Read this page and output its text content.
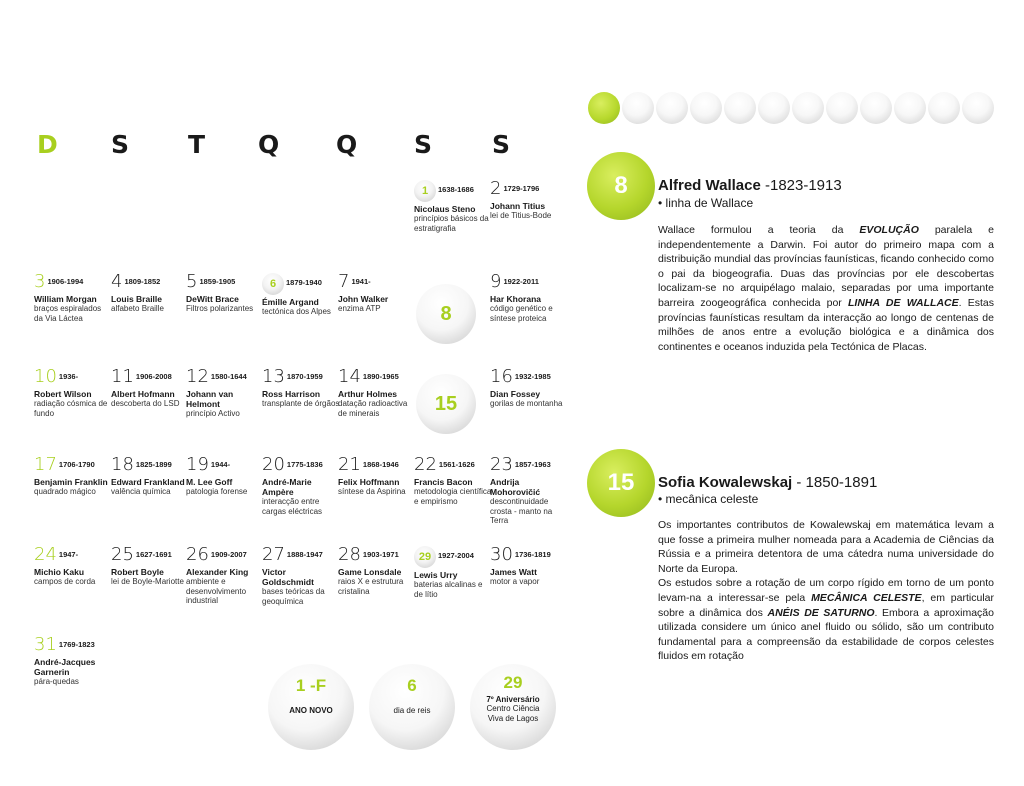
D S T Q Q S S
1 1638-1686
Nicolaus Steno
princípios básicos da estratigrafia
2 1729-1796
Johann Titius
lei de Titius-Bode
3 1906-1994
William Morgan
braços espiralados da Via Láctea
4 1809-1852
Louis Braille
alfabeto Braille
5 1859-1905
DeWitt Brace
Filtros polarizantes
6 1879-1940
Émille Argand
tectónica dos Alpes
7 1941-
John Walker
enzima ATP
9 1922-2011
Har Khorana
código genético e síntese proteica
10 1936-
Robert Wilson
radiação cósmica de fundo
11 1906-2008
Albert Hofmann
descoberta do LSD
12 1580-1644
Johann van Helmont
princípio Activo
13 1870-1959
Ross Harrison
transplante de órgãos
14 1890-1965
Arthur Holmes
datação radioactiva de minerais
16 1932-1985
Dian Fossey
gorilas de montanha
17 1706-1790
Benjamin Franklin
quadrado mágico
18 1825-1899
Edward Frankland
valência química
19 1944-
M. Lee Goff
patologia forense
20 1775-1836
André-Marie Ampère
interacção entre cargas eléctricas
21 1868-1946
Felix Hoffmann
síntese da Aspirina
22 1561-1626
Francis Bacon
metodologia científica e empirismo
23 1857-1963
Andrija Mohorovičić
descontinuidade crosta - manto na Terra
24 1947-
Michio Kaku
campos de corda
25 1627-1691
Robert Boyle
lei de Boyle-Mariotte
26 1909-2007
Alexander King
ambiente e desenvolvimento industrial
27 1888-1947
Victor Goldschmidt
bases teóricas da geoquímica
28 1903-1971
Game Lonsdale
raios X e estrutura cristalina
29 1927-2004
Lewis Urry
baterias alcalinas e de lítio
30 1736-1819
James Watt
motor a vapor
31 1769-1823
André-Jacques Garnerin
pára-quedas
8
15
1 -F
ANO NOVO
6
dia de reis
29
7º Aniversário
Centro Ciência Viva de Lagos
8	Alfred Wallace -1823-1913
• linha de Wallace
Wallace formulou a teoria da EVOLUÇÃO paralela e independentemente a Darwin. Foi autor do primeiro mapa com a distribuição mundial das províncias faunísticas, ficando conhecido como o pai da biogeografia. Duas das províncias por ele descobertas localizam-se no arquipélago malaio, separadas por uma importante barreira zoogeográfica conhecida por LINHA DE WALLACE. Estas províncias faunísticas resultam da interacção ao longo de centenas de milhões de anos entre a evolução biológica e a dinâmica dos continentes e oceanos induzida pela Tectónica de Placas.
15	Sofia Kowalewskaj - 1850-1891
• mecânica celeste
Os importantes contributos de Kowalewskaj em matemática levam a que fosse a primeira mulher nomeada para a Academia de Ciências da Rússia e a primeira detentora de uma cátedra numa universidade do Norte da Europa.
Os estudos sobre a rotação de um corpo rígido em torno de um ponto levam-na a interessar-se pela MECÂNICA CELESTE, em particular sobre a dinâmica dos ANÉIS DE SATURNO. Embora a aproximação utilizada considere um único anel fluido ou sólido, são um contributo fundamental para a compreensão da estabilidade de corpos celestes fluidos em rotação
